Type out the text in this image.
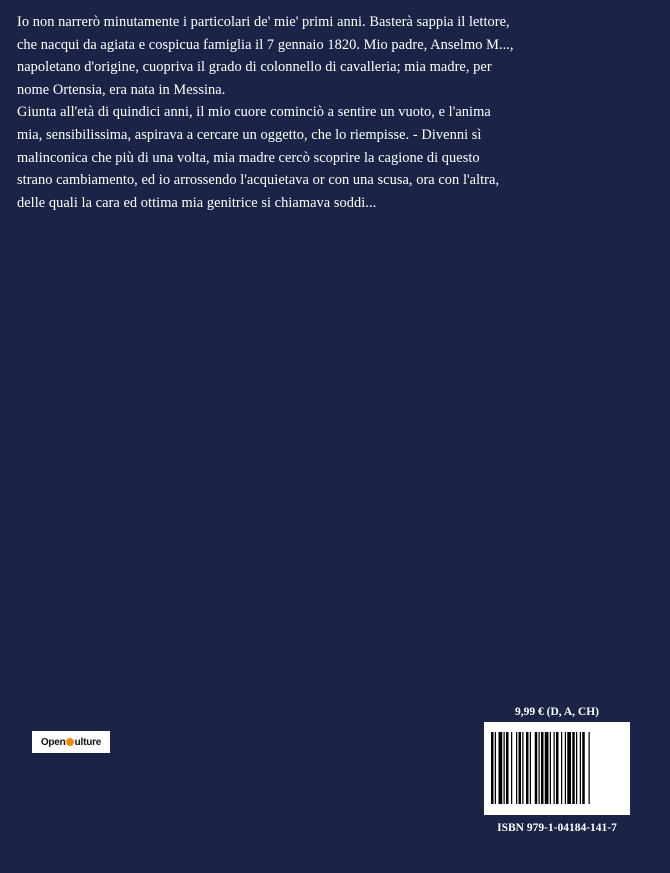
Io non narrerò minutamente i particolari de' mie' primi anni. Basterà sappia il lettore, che nacqui da agiata e cospicua famiglia il 7 gennaio 1820. Mio padre, Anselmo M..., napoletano d'origine, cuopriva il grado di colonnello di cavalleria; mia madre, per nome Ortensia, era nata in Messina.

Giunta all'età di quindici anni, il mio cuore cominciò a sentire un vuoto, e l'anima mia, sensibilissima, aspirava a cercare un oggetto, che lo riempisse. - Divenni sì malinconica che più di una volta, mia madre cercò scoprire la cagione di questo strano cambiamento, ed io arrossendo l'acquietava or con una scusa, ora con l'altra, delle quali la cara ed ottima mia genitrice si chiamava soddi...

Open ulture
9,99 € (D, A, CH)
ISBN 979-1-04184-141-7
